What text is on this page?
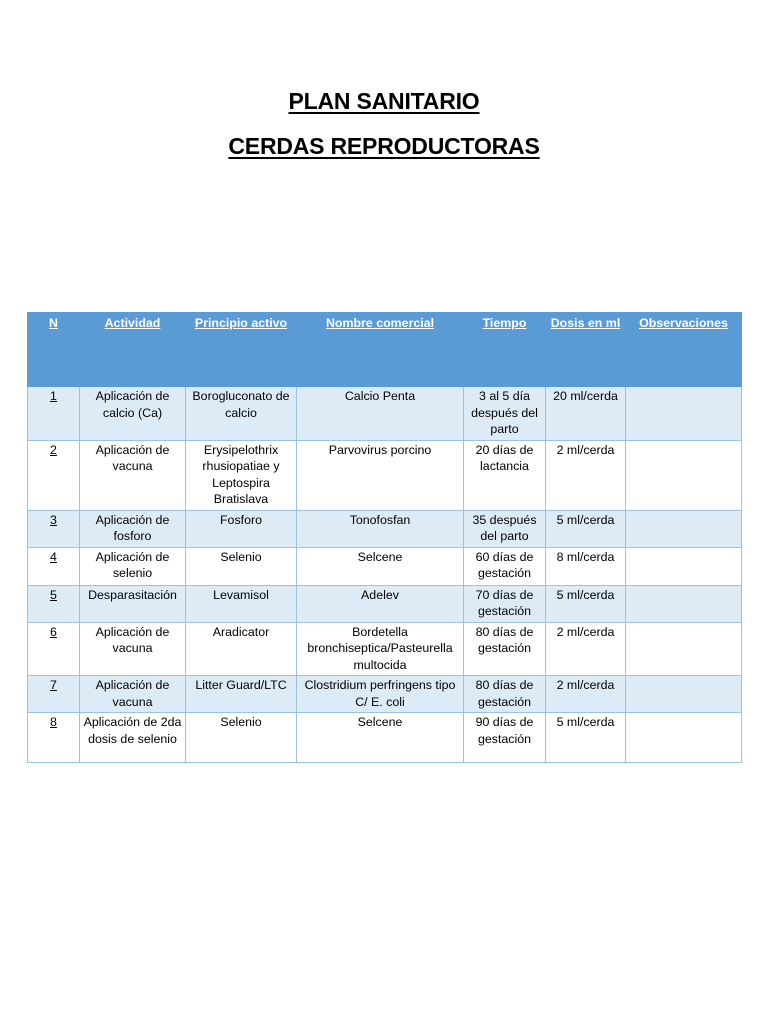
PLAN SANITARIO
CERDAS REPRODUCTORAS
N	Actividad	Principio activo	Nombre comercial	Tiempo	Dosis en ml	Observaciones
1	Aplicación de calcio (Ca)	Borogluconato de calcio	Calcio Penta	3 al 5 día después del parto	20 ml/cerda	
2	Aplicación de vacuna	Erysipelothrix rhusiopatiae y Leptospira Bratislava	Parvovirus porcino	20 días de lactancia	2 ml/cerda	
3	Aplicación de fosforo	Fosforo	Tonofosfan	35 después del parto	5 ml/cerda	
4	Aplicación de selenio	Selenio	Selcene	60 días de gestación	8 ml/cerda	
5	Desparasitación	Levamisol	Adelev	70 días de gestación	5 ml/cerda	
6	Aplicación de vacuna	Aradicator	Bordetella bronchiseptica/Pasteurella multocida	80 días de gestación	2 ml/cerda	
7	Aplicación de vacuna	Litter Guard/LTC	Clostridium perfringens tipo C/ E. coli	80 días de gestación	2 ml/cerda	
8	Aplicación de 2da dosis de selenio	Selenio	Selcene	90 días de gestación	5 ml/cerda	
